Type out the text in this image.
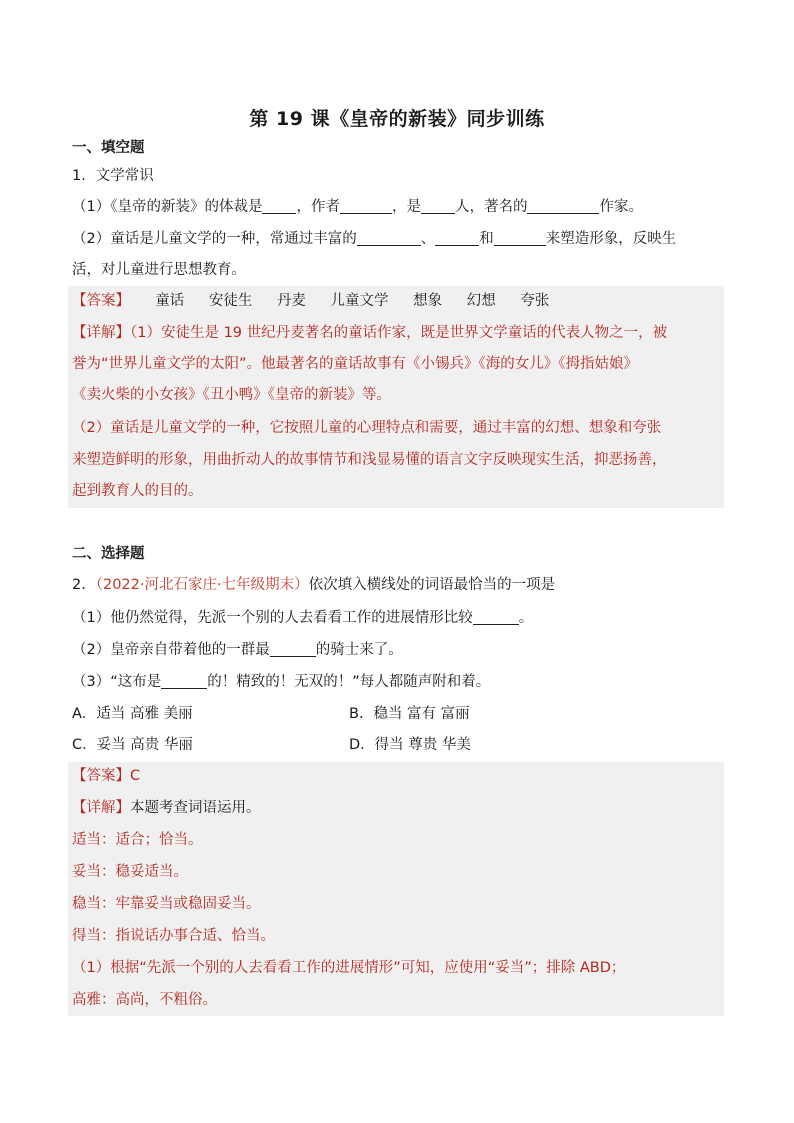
第 19 课《皇帝的新装》同步训练
一、填空题
1．文学常识
（1）《皇帝的新装》的体裁是 ，作者	，是 人，著名的	作家。
（2）童话是儿童文学的一种，常通过丰富的	、	和	来塑造形象，反映生
活，对儿童进行思想教育。
【答案】 童话 安徒生 丹麦 儿童文学 想象 幻想 夸张
【详解】（1）安徒生是 19 世纪丹麦著名的童话作家，既是世界文学童话的代表人物之一，被
誉为“世界儿童文学的太阳”。他最著名的童话故事有《小锡兵》《海的女儿》《拇指姑娘》
《卖火柴的小女孩》《丑小鸭》《皇帝的新装》等。
（2）童话是儿童文学的一种，它按照儿童的心理特点和需要，通过丰富的幻想、想象和夸张
来塑造鲜明的形象，用曲折动人的故事情节和浅显易懂的语言文字反映现实生活，抑恶扬善，
起到教育人的目的。
二、选择题
2．（2022·河北石家庄·七年级期末）依次填入横线处的词语最恰当的一项是
（1）他仍然觉得，先派一个别的人去看看工作的进展情形比较	。
（2）皇帝亲自带着他的一群最	的骑士来了。
（3）“这布是	的！精致的！无双的！”每人都随声附和着。
A．适当 高雅 美丽	B．稳当 富有 富丽
C．妥当 高贵 华丽	D．得当 尊贵 华美
【答案】C
【详解】本题考查词语运用。
适当：适合；恰当。
妥当：稳妥适当。
稳当：牢靠妥当或稳固妥当。
得当：指说话办事合适、恰当。
（1）根据“先派一个别的人去看看工作的进展情形”可知，应使用“妥当”；排除 ABD；
高雅：高尚，不粗俗。
